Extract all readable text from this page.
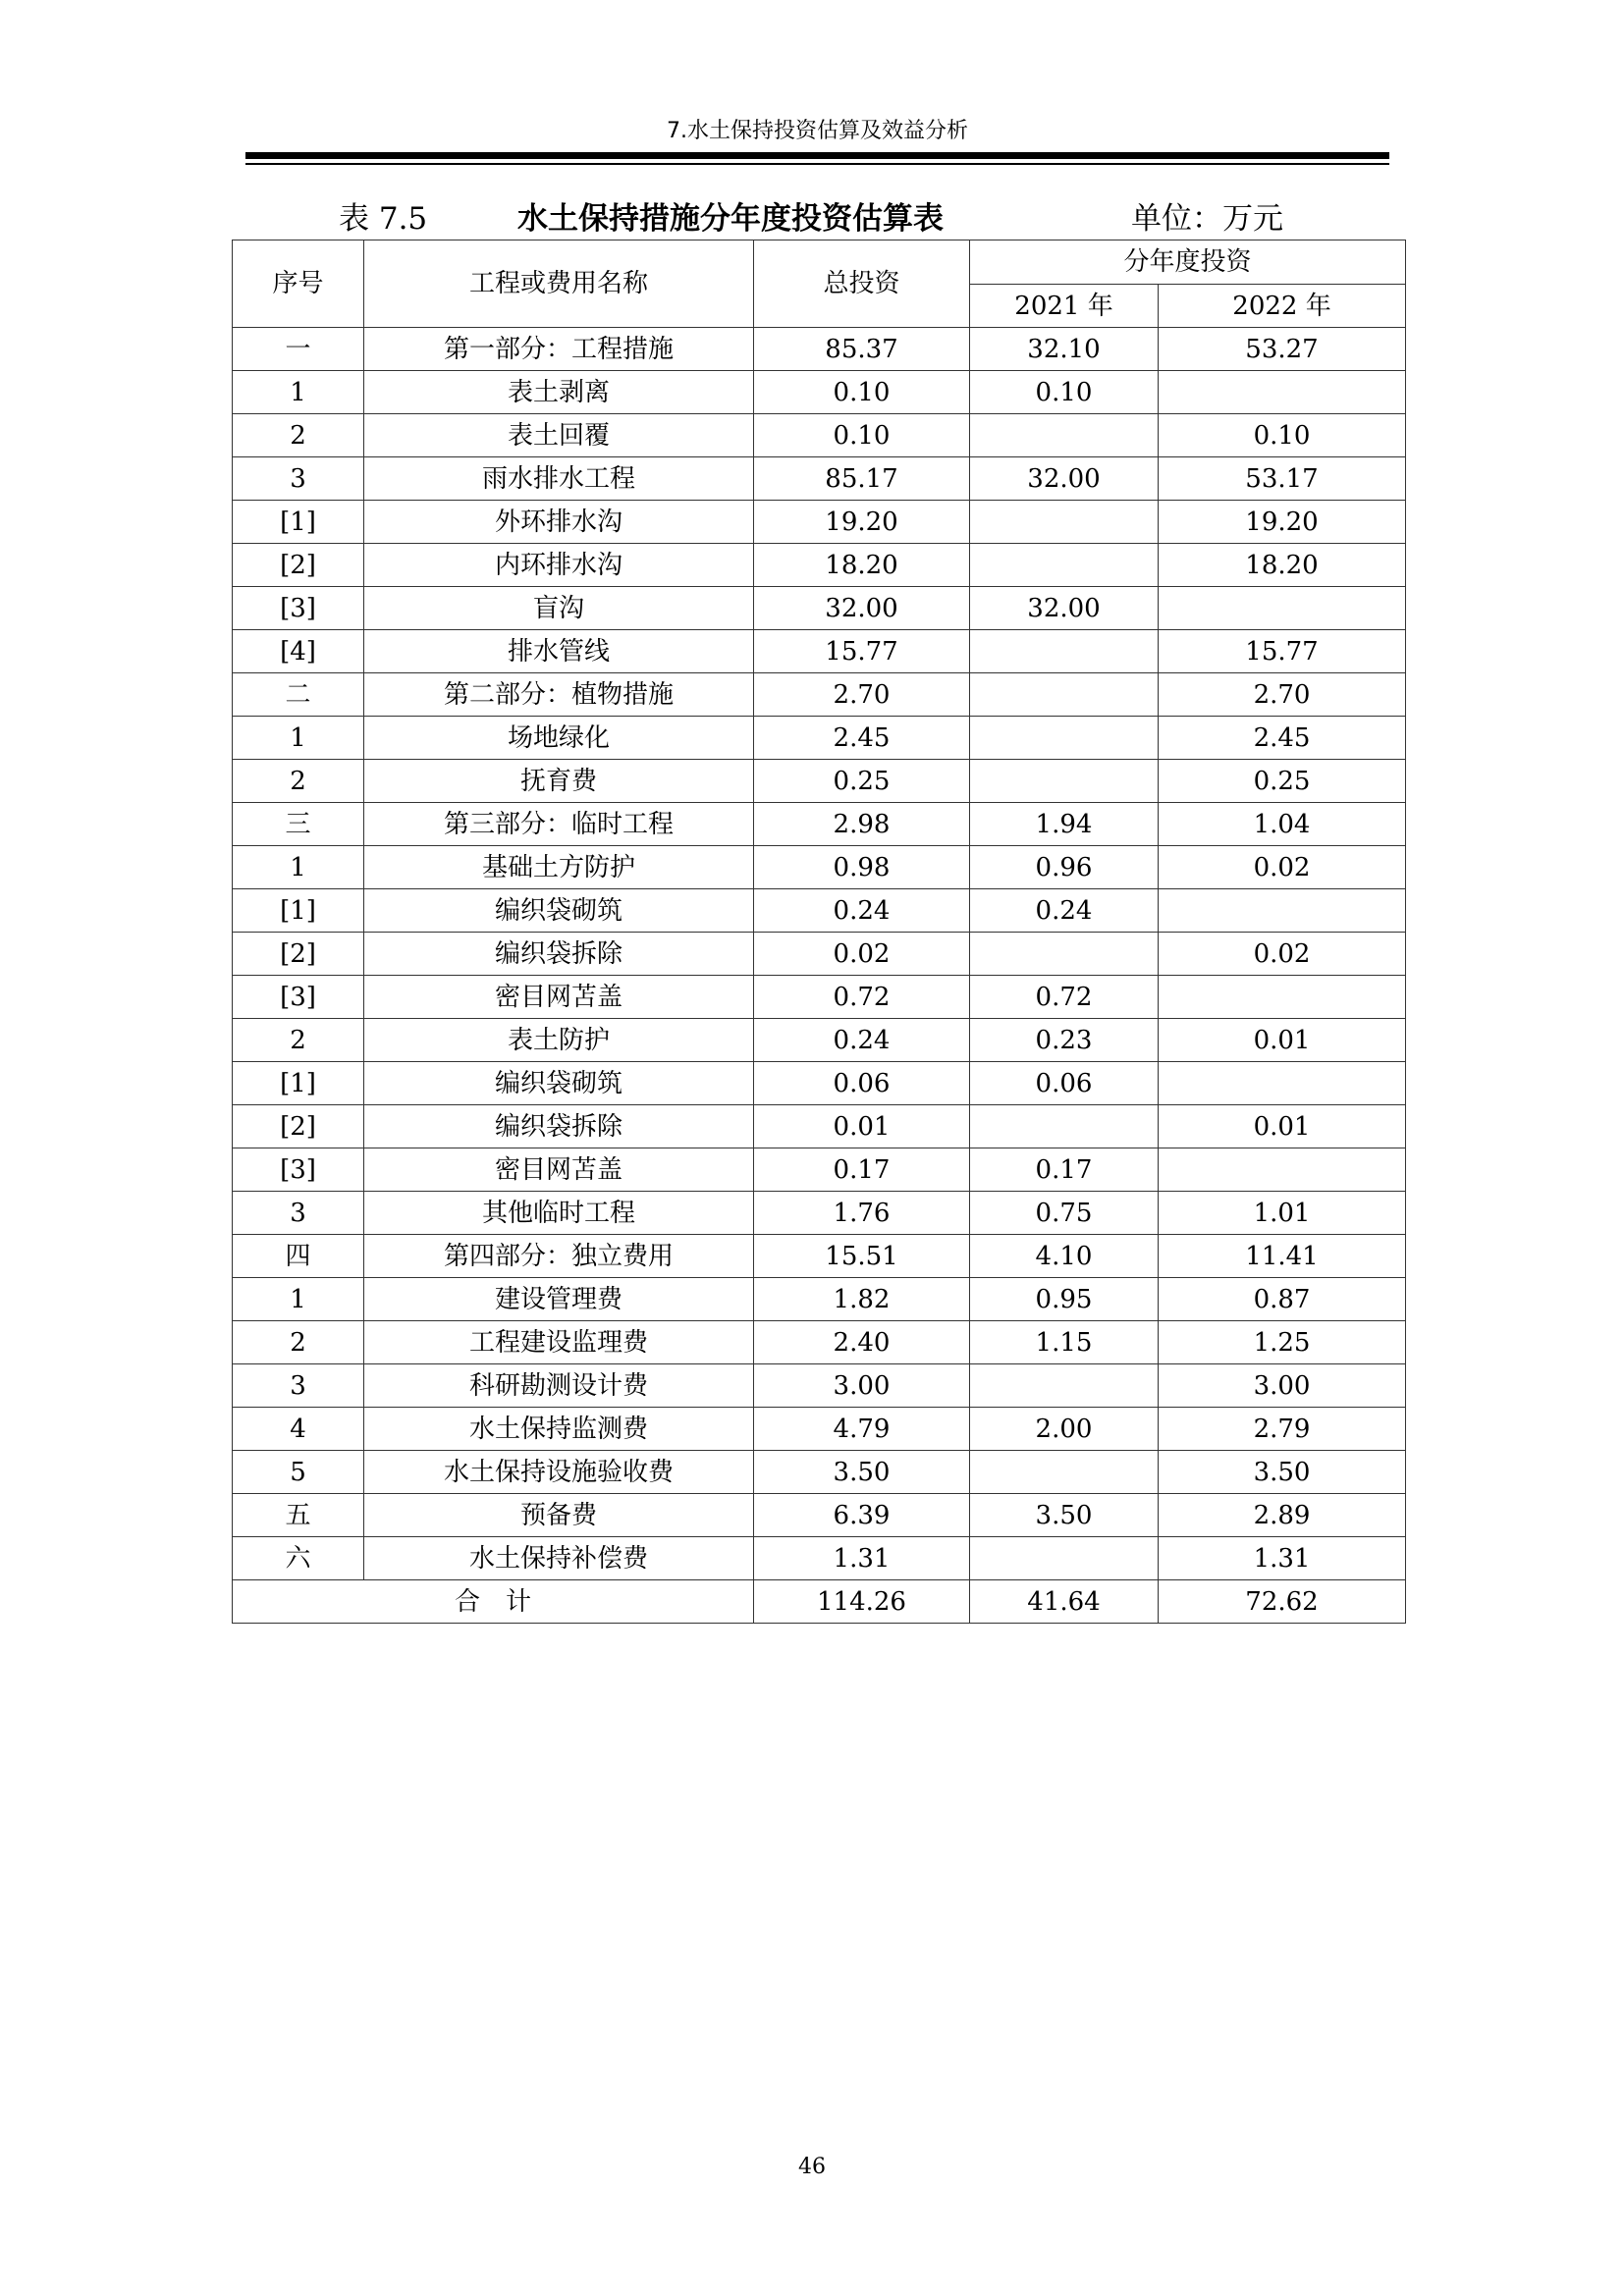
7.水土保持投资估算及效益分析
表 7.5	水土保持措施分年度投资估算表	单位：万元
序号	工程或费用名称	总投资	分年度投资	
			2021 年	2022 年
一	第一部分：工程措施	85.37	32.10	53.27
1	表土剥离	0.10	0.10	
2	表土回覆	0.10		0.10
3	雨水排水工程	85.17	32.00	53.17
[1]	外环排水沟	19.20		19.20
[2]	内环排水沟	18.20		18.20
[3]	盲沟	32.00	32.00	
[4]	排水管线	15.77		15.77
二	第二部分：植物措施	2.70		2.70
1	场地绿化	2.45		2.45
2	抚育费	0.25		0.25
三	第三部分：临时工程	2.98	1.94	1.04
1	基础土方防护	0.98	0.96	0.02
[1]	编织袋砌筑	0.24	0.24	
[2]	编织袋拆除	0.02		0.02
[3]	密目网苫盖	0.72	0.72	
2	表土防护	0.24	0.23	0.01
[1]	编织袋砌筑	0.06	0.06	
[2]	编织袋拆除	0.01		0.01
[3]	密目网苫盖	0.17	0.17	
3	其他临时工程	1.76	0.75	1.01
四	第四部分：独立费用	15.51	4.10	11.41
1	建设管理费	1.82	0.95	0.87
2	工程建设监理费	2.40	1.15	1.25
3	科研勘测设计费	3.00		3.00
4	水土保持监测费	4.79	2.00	2.79
5	水土保持设施验收费	3.50		3.50
五	预备费	6.39	3.50	2.89
六	水土保持补偿费	1.31		1.31
合　计		114.26	41.64	72.62
46
